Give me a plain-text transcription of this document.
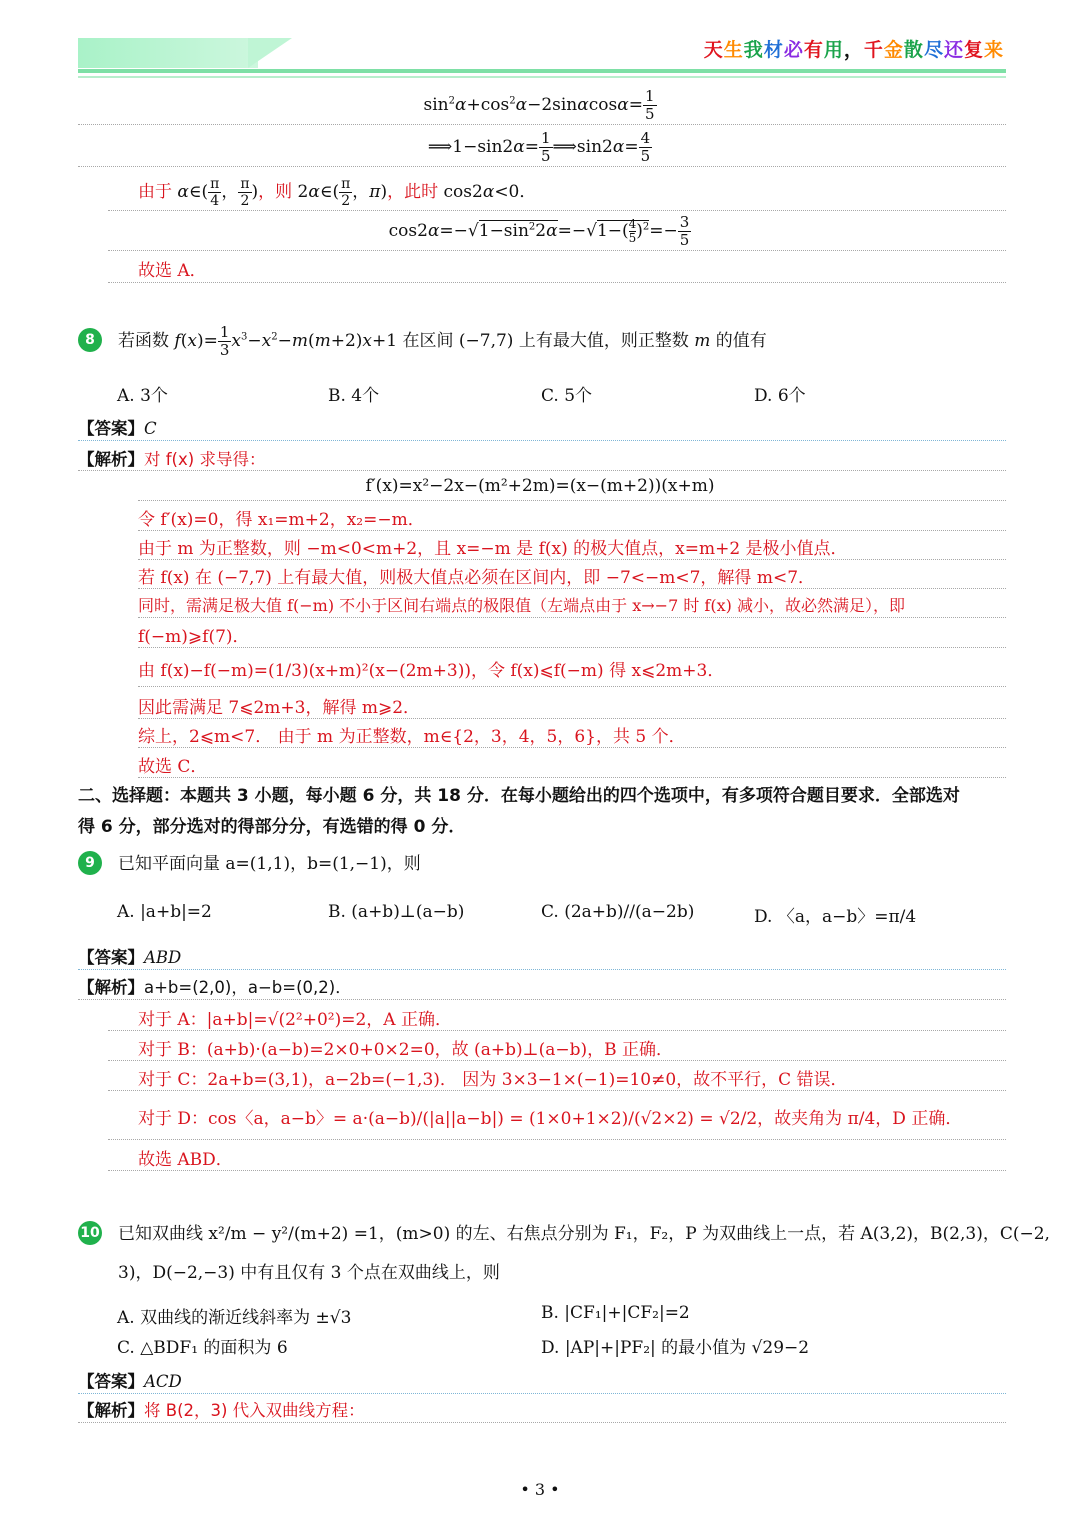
天生我材必有用，千金散尽还复来
$\sin^2\alpha+\cos^2\alpha-2\sin\alpha\cos\alpha= \frac{1}{5}$
⟹1−sin2α= $\frac{1}{5}$ ⟹sin2α= $\frac{4}{5}$
由于 α∈( $\frac{\pi}{4}$ ， $\frac{\pi}{2}$ )，则 2α∈( $\frac{\pi}{2}$ ，π)，此时 cos2α<0．
$\cos 2\alpha=-√1-\sin^22\alpha=-√1-( \frac{4}{5} )^2=- \frac{3}{5}$
故选 A．
8	若函数 $f(x)= \frac{1}{3} x^3-x^2-m(m+2)x+1$ 在区间 (−7,7) 上有最大值，则正整数 m 的值有
A. 3个	B. 4个	C. 5个	D. 6个
【答案】C
【解析】对 f(x) 求导得：
f′(x)=x²−2x−(m²+2m)=(x−(m+2))(x+m)
令 f′(x)=0，得 x₁=m+2，x₂=−m．
由于 m 为正整数，则 −m<0<m+2，且 x=−m 是 f(x) 的极大值点，x=m+2 是极小值点．
若 f(x) 在 (−7,7) 上有最大值，则极大值点必须在区间内，即 −7<−m<7，解得 m<7．
同时，需满足极大值 f(−m) 不小于区间右端点的极限值（左端点由于 x→−7 时 f(x) 减小，故必然满足），即
f(−m)⩾f(7)．
由 f(x)−f(−m)=(1/3)(x+m)²(x−(2m+3))，令 f(x)⩽f(−m) 得 x⩽2m+3．
因此需满足 7⩽2m+3，解得 m⩾2．
综上，2⩽m<7． 由于 m 为正整数，m∈{2，3，4，5，6}，共 5 个．
故选 C．
二、选择题：本题共 3 小题，每小题 6 分，共 18 分．在每小题给出的四个选项中，有多项符合题目要求．全部选对
得 6 分，部分选对的得部分分，有选错的得 0 分．
9	已知平面向量 a=(1,1)，b=(1,−1)，则
A. |a+b|=2	B. (a+b)⊥(a−b)	C. (2a+b)//(a−2b)	D. 〈a，a−b〉=π/4
【答案】ABD
【解析】a+b=(2,0)，a−b=(0,2)．
对于 A：|a+b|=√(2²+0²)=2，A 正确．
对于 B：(a+b)·(a−b)=2×0+0×2=0，故 (a+b)⊥(a−b)，B 正确．
对于 C：2a+b=(3,1)，a−2b=(−1,3)． 因为 3×3−1×(−1)=10≠0，故不平行，C 错误．
对于 D：cos〈a，a−b〉= a·(a−b)/(|a||a−b|) = (1×0+1×2)/(√2×2) = √2/2，故夹角为 π/4，D 正确．
故选 ABD．
10 已知双曲线 x²/m − y²/(m+2) =1，(m>0) 的左、右焦点分别为 F₁，F₂，P 为双曲线上一点，若 A(3,2)，B(2,3)，C(−2,
3)，D(−2,−3) 中有且仅有 3 个点在双曲线上，则
A. 双曲线的渐近线斜率为 ±√3	B. |CF₁|+|CF₂|=2
C. △BDF₁ 的面积为 6	D. |AP|+|PF₂| 的最小值为 √29−2
【答案】ACD
【解析】将 B(2，3) 代入双曲线方程：
• 3 •
